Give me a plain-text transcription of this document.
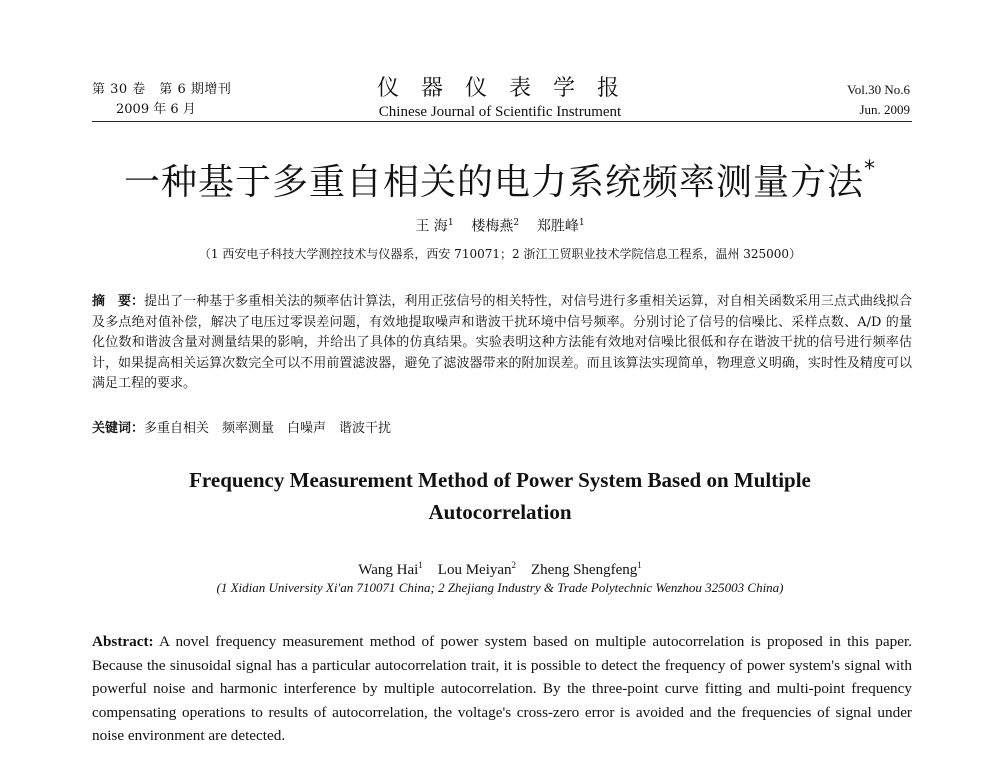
第 30 卷　第 6 期增刊
2009 年 6 月
仪器仪表学报
Chinese Journal of Scientific Instrument
Vol.30 No.6
Jun. 2009
一种基于多重自相关的电力系统频率测量方法*
王 海$^1$ 楼梅燕$^2$ 郑胜峰$^1$
（1 西安电子科技大学测控技术与仪器系，西安 710071；2 浙江工贸职业技术学院信息工程系，温州 325000）
摘　要：提出了一种基于多重相关法的频率估计算法，利用正弦信号的相关特性，对信号进行多重相关运算，对自相关函数采用三点式曲线拟合及多点绝对值补偿，解决了电压过零误差问题，有效地提取噪声和谐波干扰环境中信号频率。分别讨论了信号的信噪比、采样点数、A/D 的量化位数和谐波含量对测量结果的影响，并给出了具体的仿真结果。实验表明这种方法能有效地对信噪比很低和存在谐波干扰的信号进行频率估计，如果提高相关运算次数完全可以不用前置滤波器，避免了滤波器带来的附加误差。而且该算法实现简单，物理意义明确，实时性及精度可以满足工程的要求。
关键词：多重自相关　频率测量　白噪声　谐波干扰
Frequency Measurement Method of Power System Based on Multiple
Autocorrelation
Wang Hai$^1$ Lou Meiyan$^2$ Zheng Shengfeng$^1$
(1 Xidian University Xi'an 710071 China; 2 Zhejiang Industry & Trade Polytechnic Wenzhou 325003 China)
Abstract: A novel frequency measurement method of power system based on multiple autocorrelation is proposed in this paper. Because the sinusoidal signal has a particular autocorrelation trait, it is possible to detect the frequency of power system's signal with powerful noise and harmonic interference by multiple autocorrelation. By the three-point curve fitting and multi-point frequency compensating operations to results of autocorrelation, the voltage's cross-zero error is avoided and the frequencies of signal under noise environment are detected.
